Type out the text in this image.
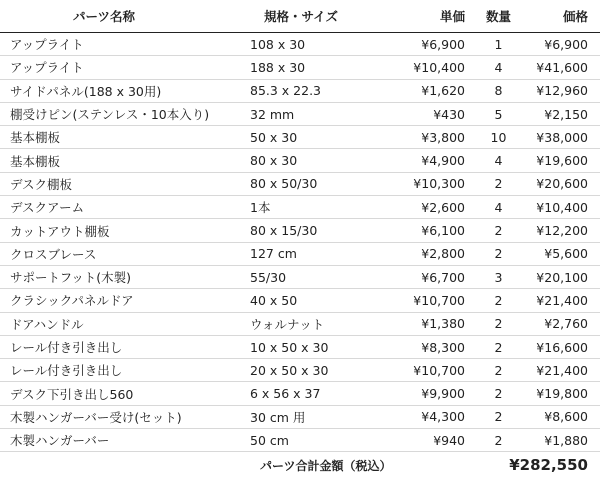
パーツ名称	規格・サイズ	単価	数量	価格
アップライト	108 x 30	¥6,900	1	¥6,900
アップライト	188 x 30	¥10,400	4	¥41,600
サイドパネル(188 x 30用)	85.3 x 22.3	¥1,620	8	¥12,960
棚受けピン(ステンレス・10本入り)	32 mm	¥430	5	¥2,150
基本棚板	50 x 30	¥3,800	10	¥38,000
基本棚板	80 x 30	¥4,900	4	¥19,600
デスク棚板	80 x 50/30	¥10,300	2	¥20,600
デスクアーム	1本	¥2,600	4	¥10,400
カットアウト棚板	80 x 15/30	¥6,100	2	¥12,200
クロスブレース	127 cm	¥2,800	2	¥5,600
サポートフット(木製)	55/30	¥6,700	3	¥20,100
クラシックパネルドア	40 x 50	¥10,700	2	¥21,400
ドアハンドル	ウォルナット	¥1,380	2	¥2,760
レール付き引き出し	10 x 50 x 30	¥8,300	2	¥16,600
レール付き引き出し	20 x 50 x 30	¥10,700	2	¥21,400
デスク下引き出し560	6 x 56 x 37	¥9,900	2	¥19,800
木製ハンガーバー受け(セット)	30 cm 用	¥4,300	2	¥8,600
木製ハンガーバー	50 cm	¥940	2	¥1,880
	パーツ合計金額（税込）		¥282,550	
